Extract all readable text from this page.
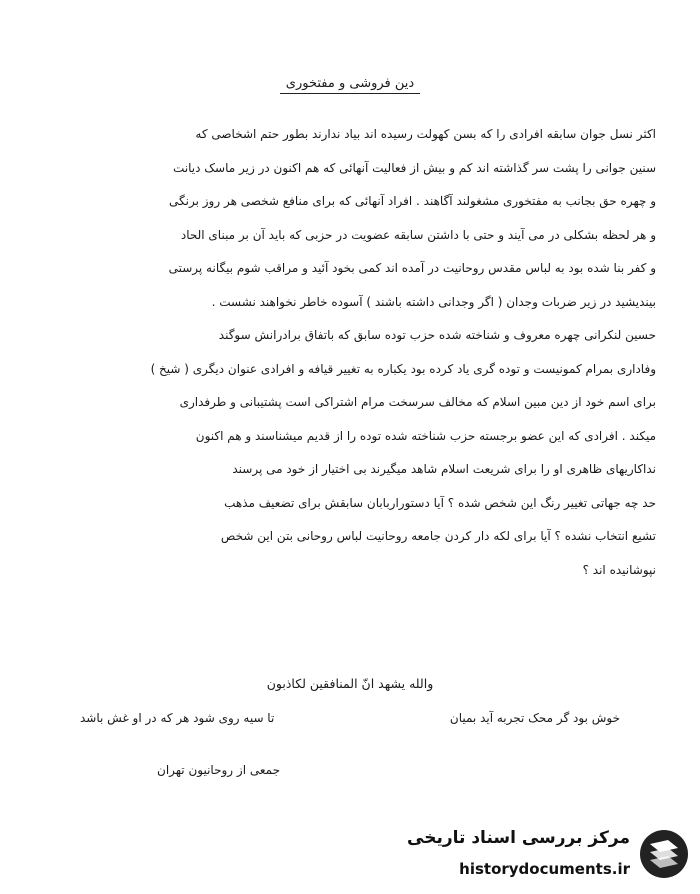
دین فروشی و مفتخوری
اکثر نسل جوان سابقه افرادی را که بسن کهولت رسیده اند بیاد ندارند بطور حتم اشخاصی که
سنین جوانی را پشت سر گذاشته اند کم و بیش از فعالیت آنهائی که هم اکنون در زیر ماسک دیانت
و چهره حق بجانب به مفتخوری مشغولند آگاهند . افراد آنهائی که برای منافع شخصی هر روز برنگی
و هر لحظه بشکلی در می آیند و حتی با داشتن سابقه عضویت در حزبی که باید آن بر مبنای الحاد
و کفر بنا شده بود به لباس مقدس روحانیت در آمده اند کمی بخود آئید و مراقب شوم بیگانه پرستی
بیندیشید در زیر ضربات وجدان ( اگر وجدانی داشته باشند ) آسوده خاطر نخواهند نشست .
حسین لنکرانی چهره معروف و شناخته شده حزب توده سابق که باتفاق برادرانش سوگند
وفاداری بمرام کمونیست و توده گری یاد کرده بود یکباره به تغییر قیافه و افرادی عنوان دیگری ( شیخ )
برای اسم خود از دین مبین اسلام که مخالف سرسخت مرام اشتراکی است پشتیبانی و طرفداری
میکند . افرادی که این عضو برجسته حزب شناخته شده توده را از قدیم میشناسند و هم اکنون
نداکاریهای ظاهری او را برای شریعت اسلام شاهد میگیرند بی اختیار از خود می پرسند
حد چه جهاتی تغییر رنگ این شخص شده ؟ آیا دستوراربابان سابقش برای تضعیف مذهب
تشیع انتخاب نشده ؟ آیا برای لکه دار کردن جامعه روحانیت لباس روحانی بتن این شخص
نپوشانیده اند ؟
والله یشهد انّ المنافقین لکاذبون
خوش بود گر محک تجربه آید بمیان
تا سیه روی شود هر که در او غش باشد
جمعی از روحانیون تهران
مرکز بررسی اسناد تاریخی
historydocuments.ir
